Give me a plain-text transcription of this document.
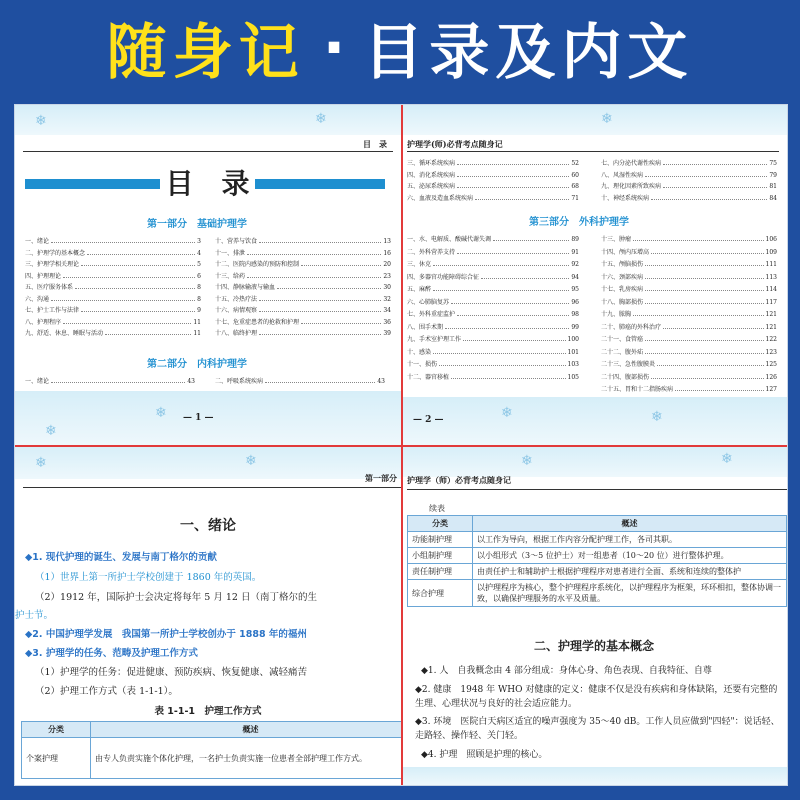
随身记 · 目录及内文
❄	❄
目　录
目　录
第一部分　基础护理学
一、绪论	3
二、护理学的基本概念	4
三、护理学相关理论	5
四、护理理论	6
五、医疗服务体系	8
六、沟通	8
七、护士工作与法律	9
八、护理程序	11
九、舒适、休息、睡眠与活动	11
十、营养与饮食	13
十一、排泄	16
十二、医院内感染的预防和控制	20
十三、给药	23
十四、静脉输液与输血	30
十五、冷热疗法	32
十六、病情观察	34
十七、危重症患者的抢救和护理	36
十八、临终护理	39
第二部分　内科护理学
一、绪论	43	二、呼吸系统疾病	43
❄
❄
— 1 —
❄
护理学(师)必背考点随身记
三、循环系统疾病	52
四、消化系统疾病	60
五、泌尿系统疾病	68
六、血液及造血系统疾病	71
七、内分泌代谢性疾病	75
八、风湿性疾病	79
九、理化因素所致疾病	81
十、神经系统疾病	84
第三部分　外科护理学
一、水、电解质、酸碱代谢失调	89
二、外科营养支持	91
三、休克	92
四、多器官功能障碍综合征	94
五、麻醉	95
六、心肺脑复苏	96
七、外科重症监护	98
八、围手术期	99
九、手术室护理工作	100
十、感染	101
十一、损伤	103
十二、器官移植	105
十三、肿瘤	106
十四、颅内压增高	109
十五、颅脑损伤	111
十六、颈部疾病	113
十七、乳房疾病	114
十八、胸部损伤	117
十九、脓胸	121
二十、肺癌的外科治疗	121
二十一、食管癌	122
二十二、腹外疝	123
二十三、急性腹膜炎	125
二十四、腹部损伤	126
二十五、胃和十二指肠疾病	127
❄	❄
— 2 —
❄	❄
第一部分
一、绪论
◆1. 现代护理的诞生、发展与南丁格尔的贡献
（1）世界上第一所护士学校创建于 1860 年的英国。
（2）1912 年，国际护士会决定将每年 5 月 12 日（南丁格尔的生
护士节。
◆2. 中国护理学发展　我国第一所护士学校创办于 1888 年的福州
◆3. 护理学的任务、范畴及护理工作方式
（1）护理学的任务：促进健康、预防疾病、恢复健康、减轻痛苦
（2）护理工作方式（表 1-1-1）。
表 1-1-1　护理工作方式
分类	概述
个案护理	由专人负责实施个体化护理，一名护士负责实施一位患者全部护理工作方式。
❄	❄
护理学（师）必背考点随身记
续表
分类	概述
功能制护理	以工作为导向，根据工作内容分配护理工作，各司其职。
小组制护理	以小组形式（3～5 位护士）对一组患者（10～20 位）进行整体护理。
责任制护理	由责任护士和辅助护士根据护理程序对患者进行全面、系统和连续的整体护
综合护理	以护理程序为核心，整个护理程序系统化，以护理程序为框架，环环相扣，整体协调一致，以确保护理服务的水平及质量。
二、护理学的基本概念
◆1. 人　自我概念由 4 部分组成：身体心身、角色表现、自我特征、自尊
◆2. 健康　1948 年 WHO 对健康的定义：健康不仅是没有疾病和身体缺陷，还要有完整的生理、心理状况与良好的社会适应能力。
◆3. 环境　医院白天病区适宜的噪声强度为 35～40 dB。工作人员应做到"四轻"：说话轻、走路轻、操作轻、关门轻。
◆4. 护理　照顾是护理的核心。
